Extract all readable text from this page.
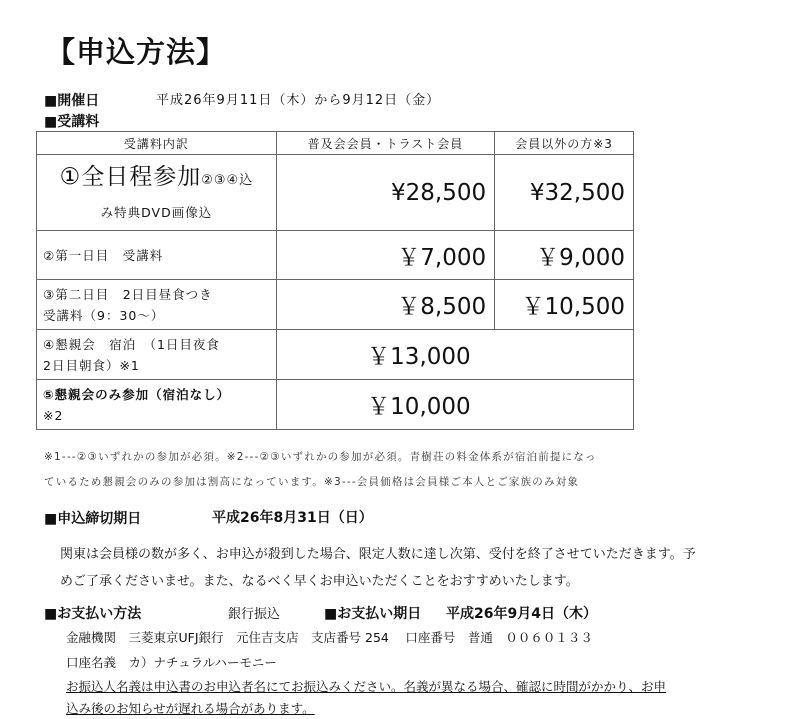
【申込方法】
■開催日	平成26年9月11日（木）から9月12日（金）
■受講料
受講料内訳	普及会会員・トラスト会員	会員以外の方※3

①全日程参加②③④込
み特典DVD画像込	¥28,500	¥32,500
②第一日目　受講料	￥7,000	￥9,000

③第二日目　2日目昼食つき
受講料（9：30〜）	￥8,500	￥10,500

④懇親会　宿泊　（1日目夜食
2日目朝食）※1	￥13,000	

⑤懇親会のみ参加（宿泊なし）
※2	￥10,000	
※1---②③いずれかの参加が必須。※2---②③いずれかの参加が必須。青樹荘の料金体系が宿泊前提になっ
ているため懇親会のみの参加は割高になっています。※3---会員価格は会員様ご本人とご家族のみ対象
■申込締切期日	平成26年8月31日（日）
関東は会員様の数が多く、お申込が殺到した場合、限定人数に達し次第、受付を終了させていただきます。予
めご了承くださいませ。また、なるべく早くお申込いただくことをおすすめいたします。
■お支払い方法	銀行振込	■お支払い期日 平成26年9月4日（木）
金融機関　三菱東京UFJ銀行　元住吉支店　支店番号 254　 口座番号　普通　００６０１３３
口座名義　カ）ナチュラルハーモニー
お振込人名義は申込書のお申込者名にてお振込みください。名義が異なる場合、確認に時間がかかり、お申
込み後のお知らせが遅れる場合があります。
